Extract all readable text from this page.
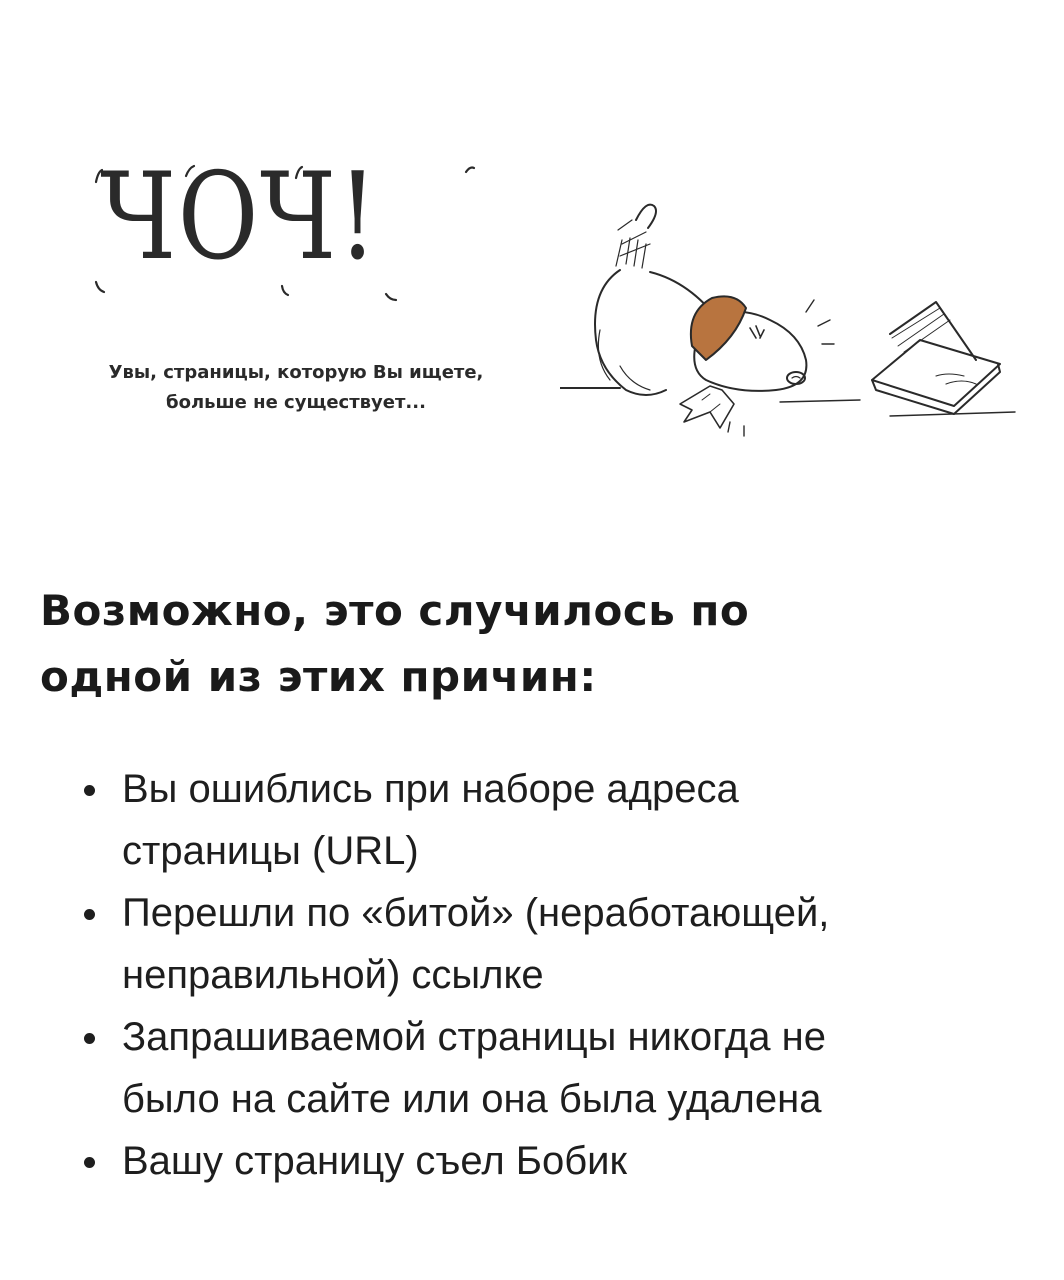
ЧОЧ!
Увы, страницы, которую Вы ищете,
больше не существует...
Возможно, это случилось по
одной из этих причин:
Вы ошиблись при наборе адреса
страницы (URL)
Перешли по «битой» (неработающей,
неправильной) ссылке
Запрашиваемой страницы никогда не
было на сайте или она была удалена
Вашу страницу съел Бобик
